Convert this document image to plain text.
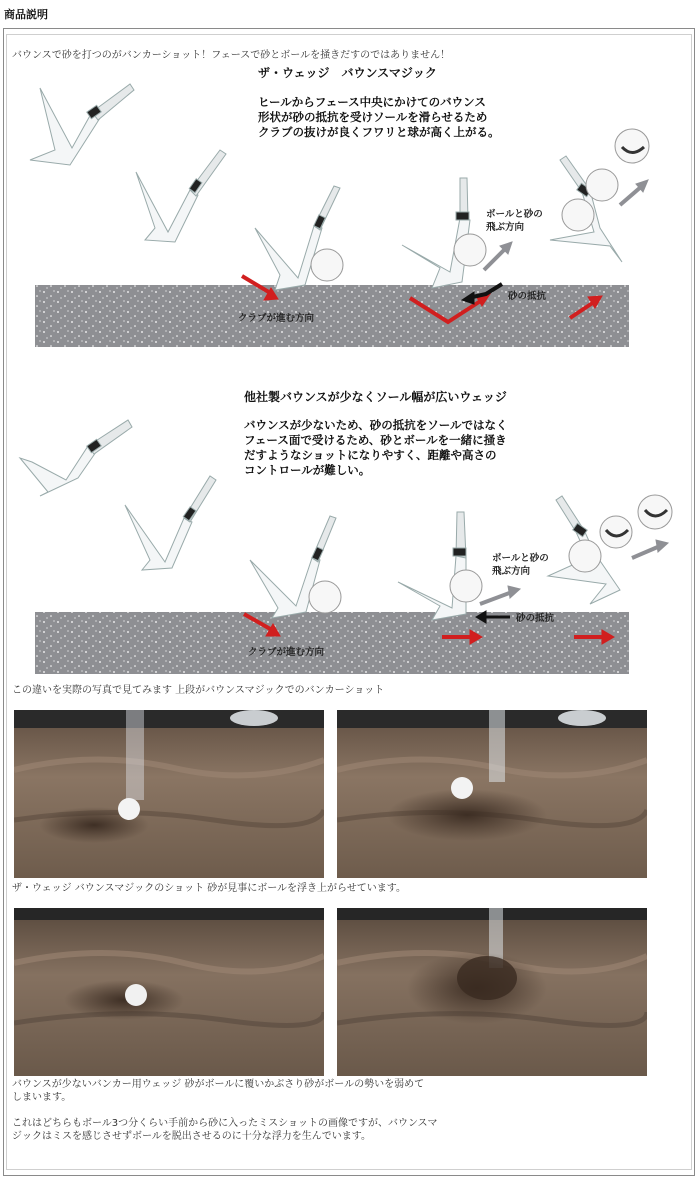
商品説明
バウンスで砂を打つのがバンカーショット！フェースで砂とボールを掻きだすのではありません！
ザ・ウェッジ　バウンスマジック
ヒールからフェース中央にかけてのバウンス
形状が砂の抵抗を受けソールを滑らせるため
クラブの抜けが良くフワリと球が高く上がる。
ボールと砂の
飛ぶ方向
砂の抵抗
クラブが進む方向
他社製バウンスが少なくソール幅が広いウェッジ
バウンスが少ないため、砂の抵抗をソールではなく
フェース面で受けるため、砂とボールを一緒に掻き
だすようなショットになりやすく、距離や高さの
コントロールが難しい。
ボールと砂の
飛ぶ方向
砂の抵抗
クラブが進む方向
この違いを実際の写真で見てみます 上段がバウンスマジックでのバンカーショット
ザ・ウェッジ バウンスマジックのショット 砂が見事にボールを浮き上がらせています。
バウンスが少ないバンカー用ウェッジ 砂がボールに覆いかぶさり砂がボールの勢いを弱めて
しまいます。
これはどちらもボール3つ分くらい手前から砂に入ったミスショットの画像ですが、バウンスマ
ジックはミスを感じさせずボールを脱出させるのに十分な浮力を生んでいます。
